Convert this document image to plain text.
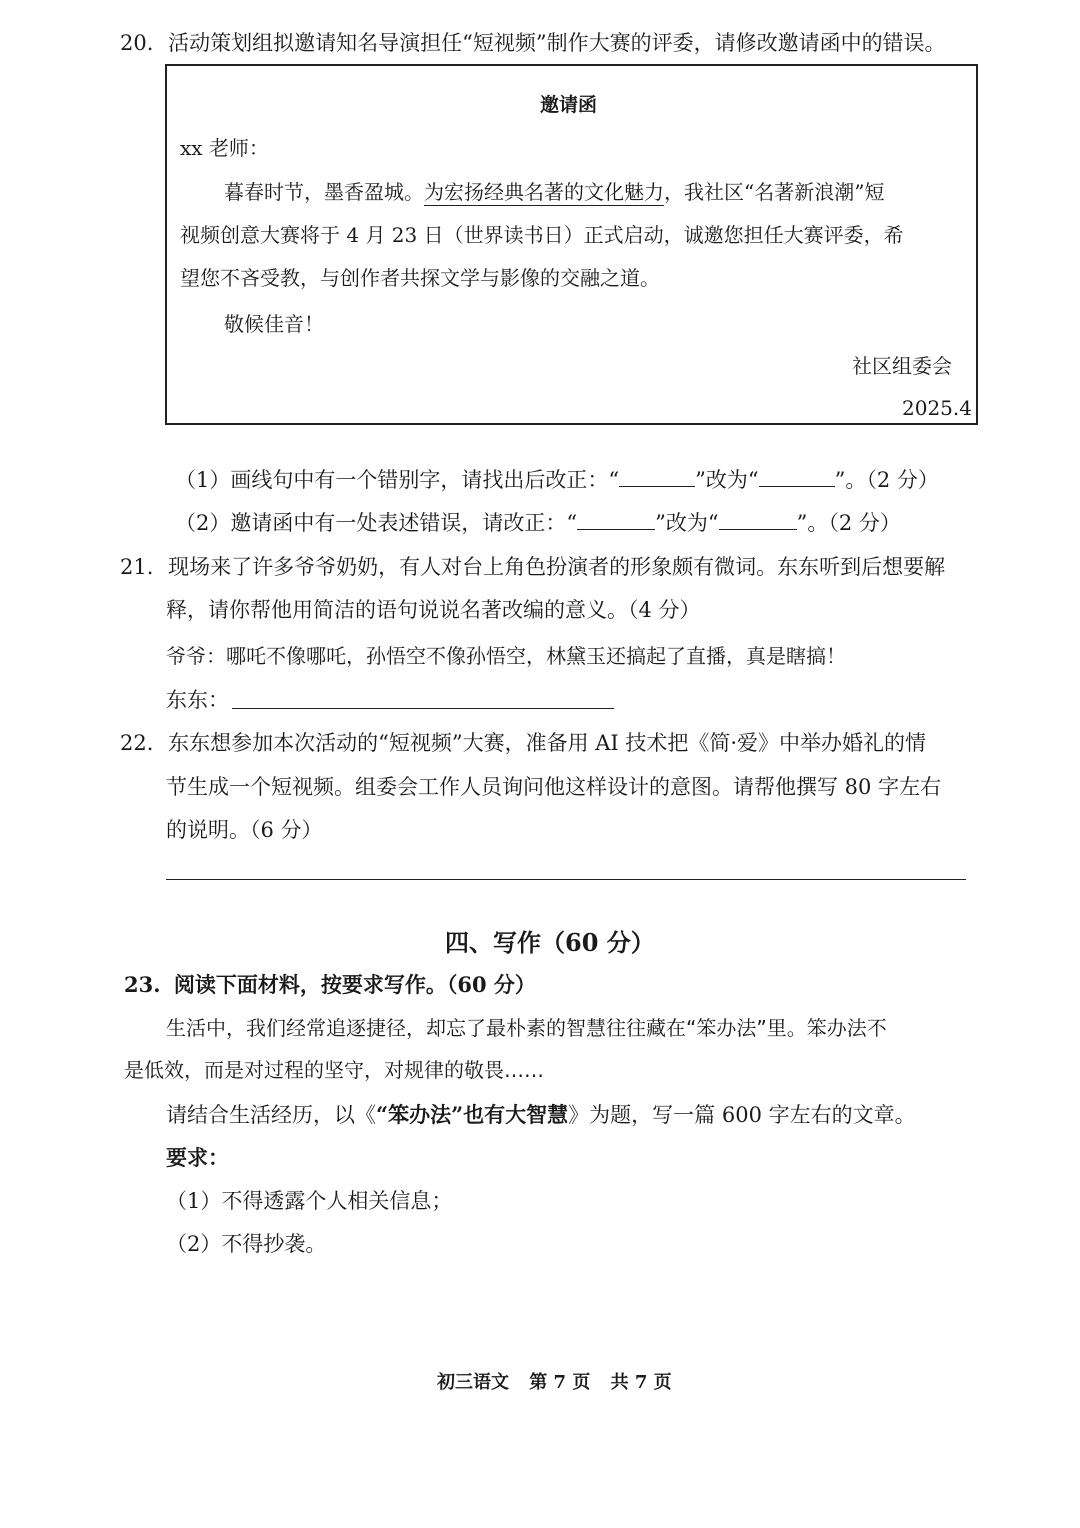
20. 活动策划组拟邀请知名导演担任“短视频”制作大赛的评委，请修改邀请函中的错误。
邀请函
xx 老师：
暮春时节，墨香盈城。为宏扬经典名著的文化魅力，我社区“名著新浪潮”短
视频创意大赛将于 4 月 23 日（世界读书日）正式启动，诚邀您担任大赛评委，希
望您不吝受教，与创作者共探文学与影像的交融之道。
敬候佳音！
社区组委会
2025.4
（1）画线句中有一个错别字，请找出后改正：“	”改为“	”。（2 分）
（2）邀请函中有一处表述错误，请改正：“	”改为“	”。（2 分）
21. 现场来了许多爷爷奶奶，有人对台上角色扮演者的形象颇有微词。东东听到后想要解
释，请你帮他用简洁的语句说说名著改编的意义。（4 分）
爷爷：哪吒不像哪吒，孙悟空不像孙悟空，林黛玉还搞起了直播，真是瞎搞！
东东：
22. 东东想参加本次活动的“短视频”大赛，准备用 AI 技术把《简·爱》中举办婚礼的情
节生成一个短视频。组委会工作人员询问他这样设计的意图。请帮他撰写 80 字左右
的说明。（6 分）
四、写作（60 分）
23. 阅读下面材料，按要求写作。（60 分）
生活中，我们经常追逐捷径，却忘了最朴素的智慧往往藏在“笨办法”里。笨办法不
是低效，而是对过程的坚守，对规律的敬畏……
请结合生活经历，以《“笨办法”也有大智慧》为题，写一篇 600 字左右的文章。
要求：
（1）不得透露个人相关信息；
（2）不得抄袭。
初三语文 第 7 页 共 7 页
